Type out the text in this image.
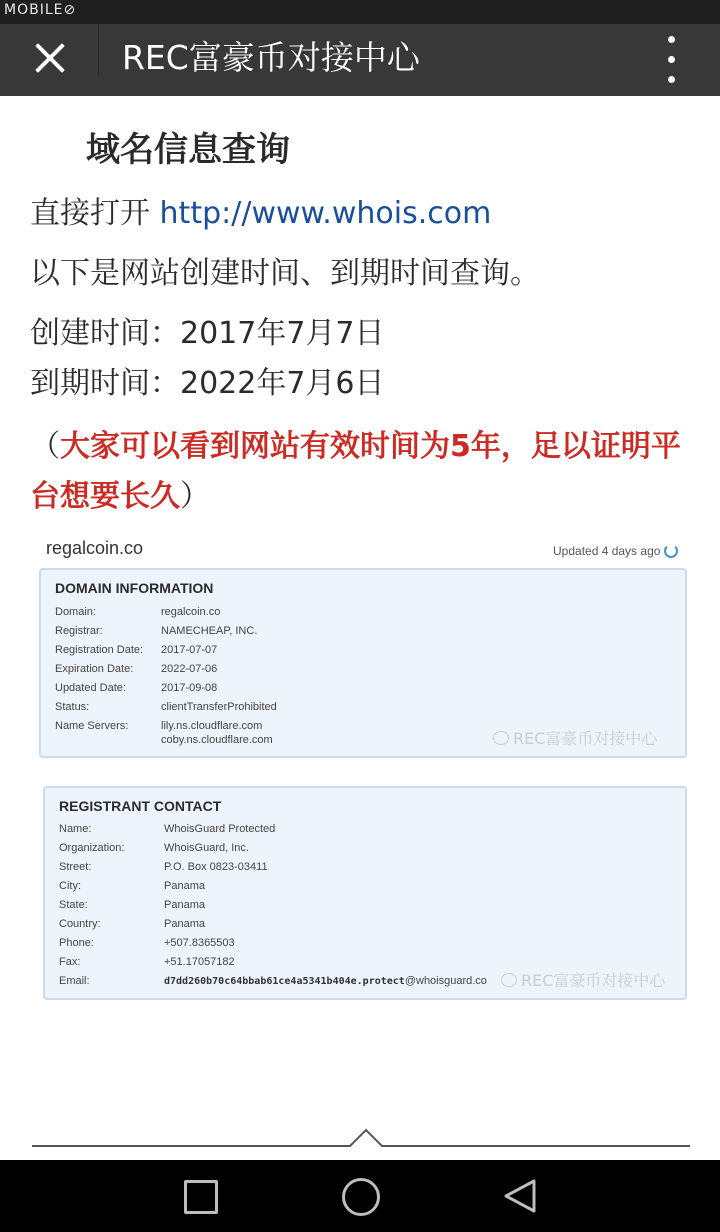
MOBILE⊘
REC富豪币对接中心
域名信息查询
直接打开 http://www.whois.com
以下是网站创建时间、到期时间查询。
创建时间：2017年7月7日
到期时间：2022年7月6日
（大家可以看到网站有效时间为5年，足以证明平台想要长久）
regalcoin.co	Updated 4 days ago
DOMAIN INFORMATION
Domain:	regalcoin.co
Registrar:	NAMECHEAP, INC.
Registration Date: 2017-07-07
Expiration Date:	2022-07-06
Updated Date:	2017-09-08
Status:	clientTransferProhibited
Name Servers:	lily.ns.cloudflare.com
coby.ns.cloudflare.com	REC富豪币对接中心
REGISTRANT CONTACT
Name:	WhoisGuard Protected
Organization:	WhoisGuard, Inc.
Street:	P.O. Box 0823-03411
City:	Panama
State:	Panama
Country:	Panama
Phone:	+507.8365503
Fax:	+51.17057182
Email:	d7dd260b70c64bbab61ce4a5341b404e.protect@whoisguard.co	REC富豪币对接中心
